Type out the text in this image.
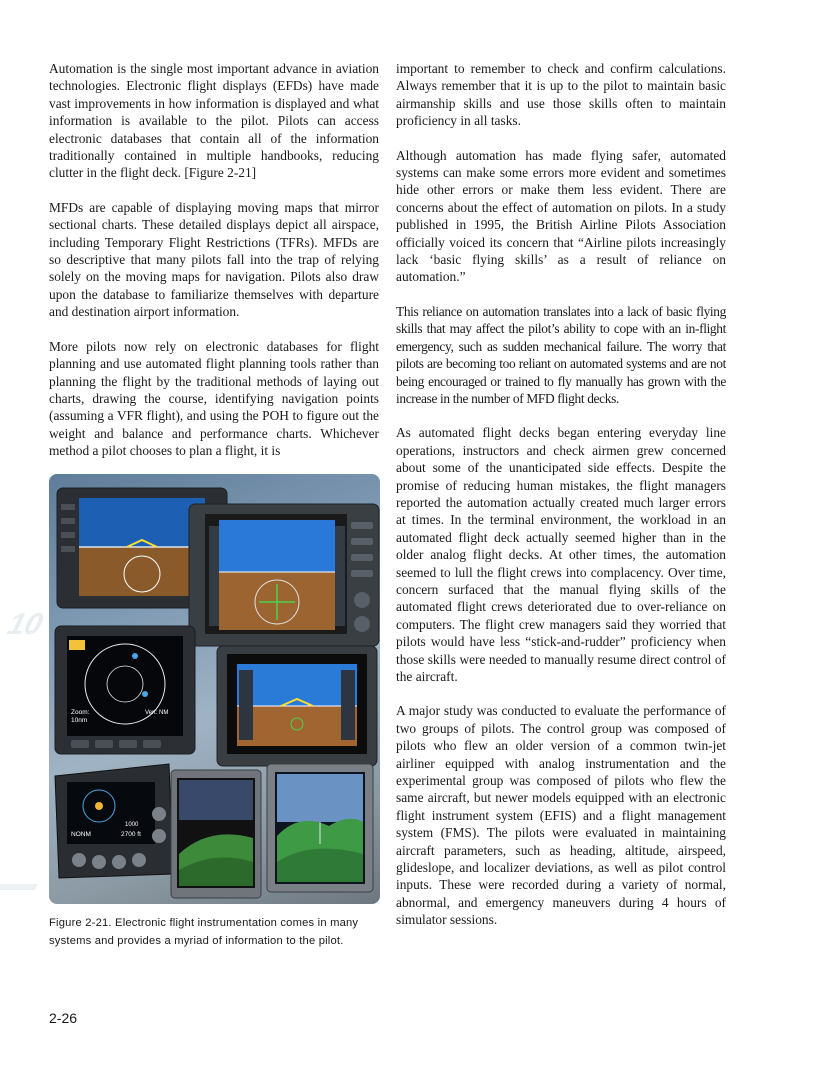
Automation is the single most important advance in aviation technologies. Electronic flight displays (EFDs) have made vast improvements in how information is displayed and what information is available to the pilot. Pilots can access electronic databases that contain all of the information traditionally contained in multiple handbooks, reducing clutter in the flight deck. [Figure 2-21]

MFDs are capable of displaying moving maps that mirror sectional charts. These detailed displays depict all airspace, including Temporary Flight Restrictions (TFRs). MFDs are so descriptive that many pilots fall into the trap of relying solely on the moving maps for navigation. Pilots also draw upon the database to familiarize themselves with departure and destination airport information.

More pilots now rely on electronic databases for flight planning and use automated flight planning tools rather than planning the flight by the traditional methods of laying out charts, drawing the course, identifying navigation points (assuming a VFR flight), and using the POH to figure out the weight and balance and performance charts. Whichever method a pilot chooses to plan a flight, it is

important to remember to check and confirm calculations. Always remember that it is up to the pilot to maintain basic airmanship skills and use those skills often to maintain proficiency in all tasks.

Although automation has made flying safer, automated systems can make some errors more evident and sometimes hide other errors or make them less evident. There are concerns about the effect of automation on pilots. In a study published in 1995, the British Airline Pilots Association officially voiced its concern that “Airline pilots increasingly lack ‘basic flying skills’ as a result of reliance on automation.”

This reliance on automation translates into a lack of basic flying skills that may affect the pilot’s ability to cope with an in-flight emergency, such as sudden mechanical failure. The worry that pilots are becoming too reliant on automated systems and are not being encouraged or trained to fly manually has grown with the increase in the number of MFD flight decks.

As automated flight decks began entering everyday line operations, instructors and check airmen grew concerned about some of the unanticipated side effects. Despite the promise of reducing human mistakes, the flight managers reported the automation actually created much larger errors at times. In the terminal environment, the workload in an automated flight deck actually seemed higher than in the older analog flight decks. At other times, the automation seemed to lull the flight crews into complacency. Over time, concern surfaced that the manual flying skills of the automated flight crews deteriorated due to over-reliance on computers. The flight crew managers said they worried that pilots would have less “stick-and-rudder” proficiency when those skills were needed to manually resume direct control of the aircraft.

A major study was conducted to evaluate the performance of two groups of pilots. The control group was composed of pilots who flew an older version of a common twin-jet airliner equipped with analog instrumentation and the experimental group was composed of pilots who flew the same aircraft, but newer models equipped with an electronic flight instrument system (EFIS) and a flight management system (FMS). The pilots were evaluated in maintaining aircraft parameters, such as heading, altitude, airspeed, glideslope, and localizer deviations, as well as pilot control inputs. These were recorded during a variety of normal, abnormal, and emergency maneuvers during 4 hours of simulator sessions.

10
Zoom:
10nm
Vert: NM
NONM
1000
2700 ft
Figure 2-21. Electronic flight instrumentation comes in many systems and provides a myriad of information to the pilot.
2-26
